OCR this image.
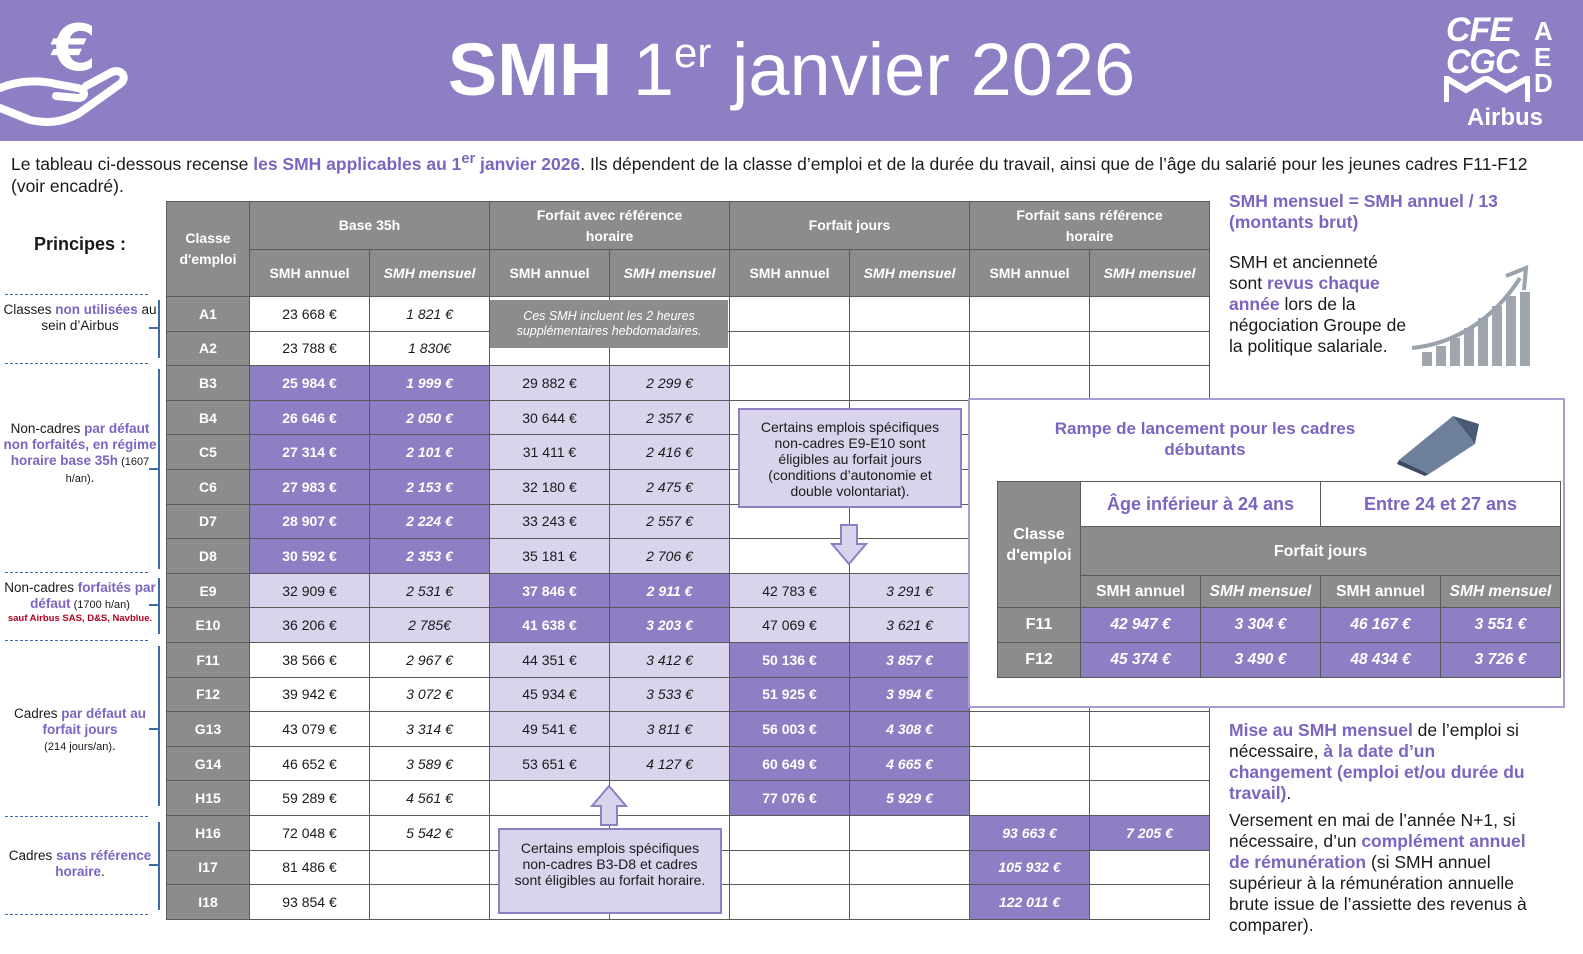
€	SMH 1er janvier 2026	CFE
CGC
A
E
D
Airbus
Le tableau ci-dessous recense les SMH applicables au 1er janvier 2026. Ils dépendent de la classe d’emploi et de la durée du travail, ainsi que de l’âge du salarié pour les jeunes cadres F11-F12 (voir encadré).
Principes :
Classes non utilisées au sein d’Airbus
Non-cadres par défaut non forfaités, en régime horaire base 35h (1607 h/an).
Non-cadres forfaités par défaut (1700 h/an)
sauf Airbus SAS, D&S, Navblue.
Cadres par défaut au forfait jours
(214 jours/an).
Cadres sans référence horaire.
Classe d'emploi	Base 35h		Forfait avec référence horaire		Forfait jours		Forfait sans référence horaire	
	SMH annuel	SMH mensuel	SMH annuel	SMH mensuel	SMH annuel	SMH mensuel	SMH annuel	SMH mensuel
A1	23 668 €	1 821 €						
A2	23 788 €	1 830€						
B3	25 984 €	1 999 €	29 882 €	2 299 €				
B4	26 646 €	2 050 €	30 644 €	2 357 €				
C5	27 314 €	2 101 €	31 411 €	2 416 €				
C6	27 983 €	2 153 €	32 180 €	2 475 €				
D7	28 907 €	2 224 €	33 243 €	2 557 €				
D8	30 592 €	2 353 €	35 181 €	2 706 €				
E9	32 909 €	2 531 €	37 846 €	2 911 €	42 783 €	3 291 €		
E10	36 206 €	2 785€	41 638 €	3 203 €	47 069 €	3 621 €		
F11	38 566 €	2 967 €	44 351 €	3 412 €	50 136 €	3 857 €		
F12	39 942 €	3 072 €	45 934 €	3 533 €	51 925 €	3 994 €		
G13	43 079 €	3 314 €	49 541 €	3 811 €	56 003 €	4 308 €		
G14	46 652 €	3 589 €	53 651 €	4 127 €	60 649 €	4 665 €		
H15	59 289 €	4 561 €			77 076 €	5 929 €		
H16	72 048 €	5 542 €					93 663 €	7 205 €
I17	81 486 €						105 932 €	
I18	93 854 €						122 011 €	
Ces SMH incluent les 2 heures supplémentaires hebdomadaires.
Certains emplois spécifiques non-cadres E9-E10 sont éligibles au forfait jours (conditions d’autonomie et double volontariat).
Certains emplois spécifiques non-cadres B3-D8 et cadres sont éligibles au forfait horaire.
SMH mensuel = SMH annuel / 13
(montants brut)
SMH et ancienneté sont revus chaque année lors de la négociation Groupe de la politique salariale.
Mise au SMH mensuel de l’emploi si nécessaire, à la date d’un changement (emploi et/ou durée du travail).
Versement en mai de l’année N+1, si nécessaire, d’un complément annuel de rémunération (si SMH annuel supérieur à la rémunération annuelle brute issue de l’assiette des revenus à comparer).
Rampe de lancement pour les cadres débutants
Classe d'emploi	Âge inférieur à 24 ans		Entre 24 et 27 ans	
	Forfait jours			
	SMH annuel	SMH mensuel	SMH annuel	SMH mensuel
F11	42 947 €	3 304 €	46 167 €	3 551 €
F12	45 374 €	3 490 €	48 434 €	3 726 €
